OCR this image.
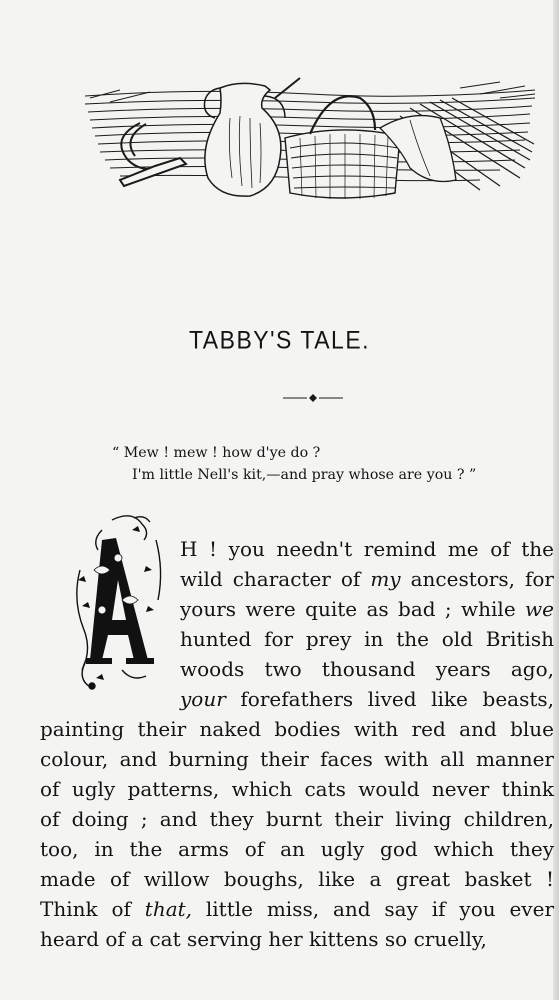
TABBY'S TALE.
“ Mew ! mew ! how d'ye do ?
I'm little Nell's kit,—and pray whose are you ? ”
A
H ! you needn't remind me of the
wild character of my ancestors, for
yours were quite as bad ; while we
hunted for prey in the old British
woods two thousand years ago,
your forefathers lived like beasts,
painting their naked bodies with red and blue
colour, and burning their faces with all manner
of ugly patterns, which cats would never think
of doing ; and they burnt their living children,
too, in the arms of an ugly god which they
made of willow boughs, like a great basket !
Think of that, little miss, and say if you ever
heard of a cat serving her kittens so cruelly,
